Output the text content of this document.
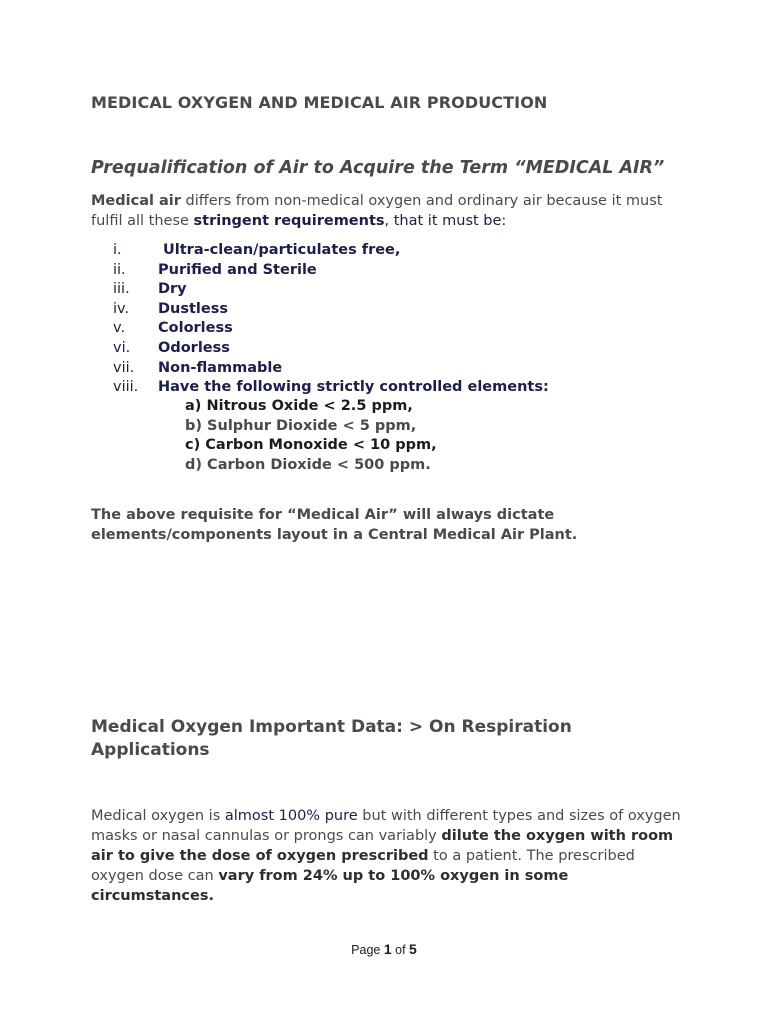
MEDICAL OXYGEN AND MEDICAL AIR PRODUCTION
Prequalification of Air to Acquire the Term “MEDICAL AIR”
Medical air differs from non-medical oxygen and ordinary air because it must fulfil all these stringent requirements, that it must be:
i.	Ultra-clean/particulates free,
ii. Purified and Sterile
iii. Dry
iv. Dustless
v. Colorless
vi. Odorless
vii. Non-flammable
viii. Have the following strictly controlled elements:
a) Nitrous Oxide < 2.5 ppm,
b) Sulphur Dioxide < 5 ppm,
c) Carbon Monoxide < 10 ppm,
d) Carbon Dioxide < 500 ppm.
The above requisite for “Medical Air” will always dictate elements/components layout in a Central Medical Air Plant.
Medical Oxygen Important Data: > On Respiration Applications
Medical oxygen is almost 100% pure but with different types and sizes of oxygen masks or nasal cannulas or prongs can variably dilute the oxygen with room air to give the dose of oxygen prescribed to a patient. The prescribed oxygen dose can vary from 24% up to 100% oxygen in some circumstances.
Page 1 of 5
